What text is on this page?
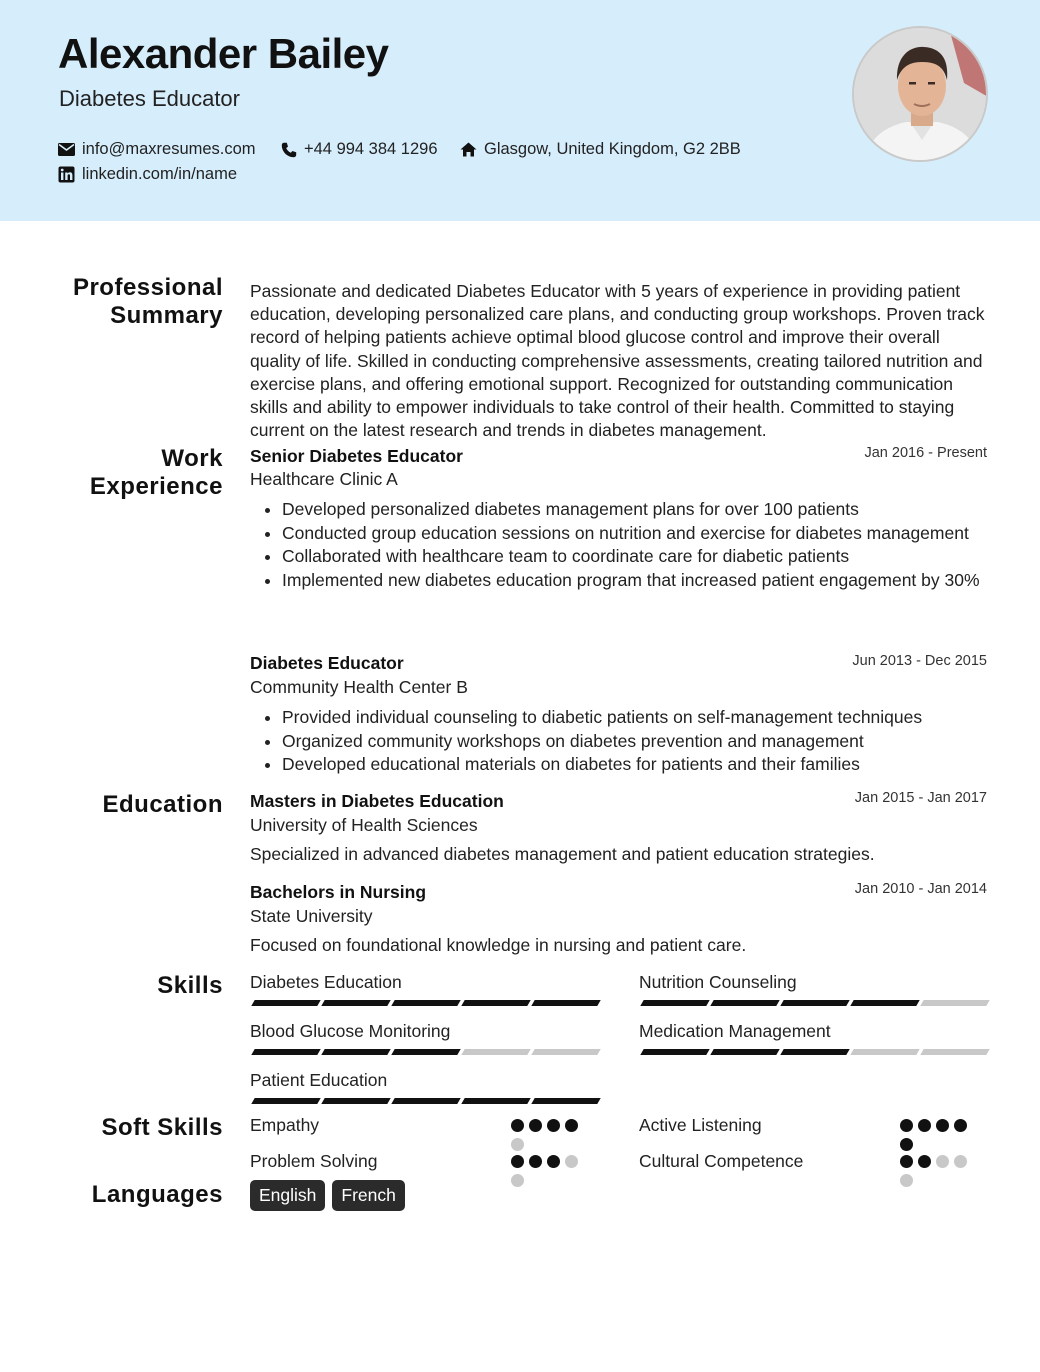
Alexander Bailey
Diabetes Educator
info@maxresumes.com	+44 994 384 1296	Glasgow, United Kingdom, G2 2BB
linkedin.com/in/name
Professional
Summary
Passionate and dedicated Diabetes Educator with 5 years of experience in providing patient education, developing personalized care plans, and conducting group workshops. Proven track record of helping patients achieve optimal blood glucose control and improve their overall quality of life. Skilled in conducting comprehensive assessments, creating tailored nutrition and exercise plans, and offering emotional support. Recognized for outstanding communication skills and ability to empower individuals to take control of their health. Committed to staying current on the latest research and trends in diabetes management.
Work
Experience
Senior Diabetes Educator	Jan 2016 - Present
Healthcare Clinic A
Developed personalized diabetes management plans for over 100 patients
Conducted group education sessions on nutrition and exercise for diabetes management
Collaborated with healthcare team to coordinate care for diabetic patients
Implemented new diabetes education program that increased patient engagement by 30%
Diabetes Educator	Jun 2013 - Dec 2015
Community Health Center B
Provided individual counseling to diabetic patients on self-management techniques
Organized community workshops on diabetes prevention and management
Developed educational materials on diabetes for patients and their families
Education Masters in Diabetes Education	Jan 2015 - Jan 2017
University of Health Sciences
Specialized in advanced diabetes management and patient education strategies.
Bachelors in Nursing	Jan 2010 - Jan 2014
State University
Focused on foundational knowledge in nursing and patient care.
Skills Diabetes Education	Nutrition Counseling
Blood Glucose Monitoring	Medication Management
Patient Education
Soft Skills Empathy	Active Listening
Problem Solving	Cultural Competence
Languages	English	French
